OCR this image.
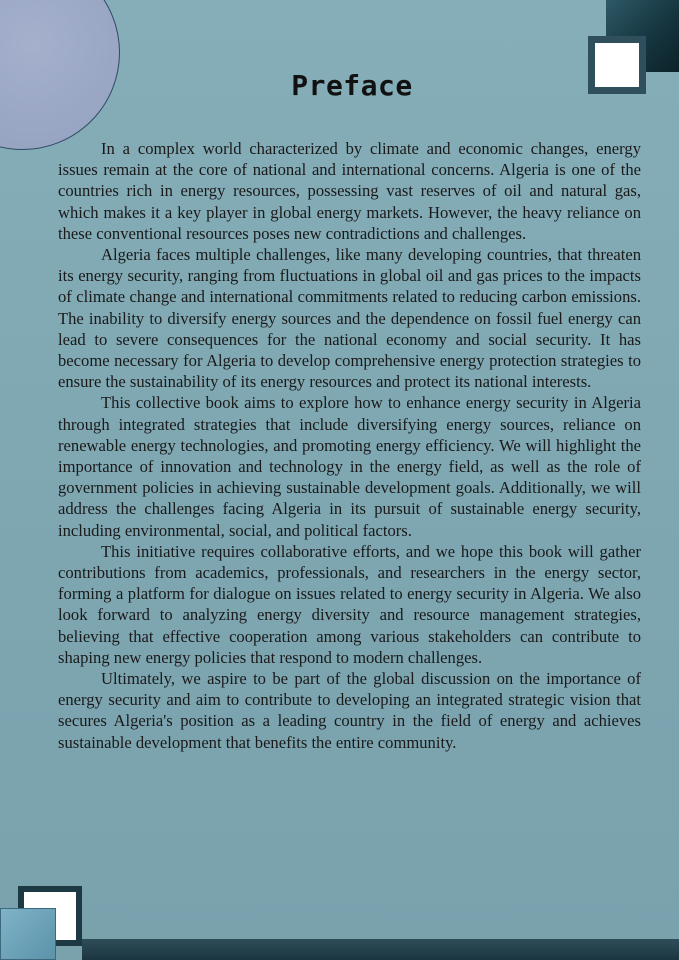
Preface

In a complex world characterized by climate and economic changes, energy issues remain at the core of national and international concerns. Algeria is one of the countries rich in energy resources, possessing vast reserves of oil and natural gas, which makes it a key player in global energy markets. However, the heavy reliance on these conventional resources poses new contradictions and challenges.

Algeria faces multiple challenges, like many developing countries, that threaten its energy security, ranging from fluctuations in global oil and gas prices to the impacts of climate change and international commitments related to reducing carbon emissions. The inability to diversify energy sources and the dependence on fossil fuel energy can lead to severe consequences for the national economy and social security. It has become necessary for Algeria to develop comprehensive energy protection strategies to ensure the sustainability of its energy resources and protect its national interests.

This collective book aims to explore how to enhance energy security in Algeria through integrated strategies that include diversifying energy sources, reliance on renewable energy technologies, and promoting energy efficiency. We will highlight the importance of innovation and technology in the energy field, as well as the role of government policies in achieving sustainable development goals. Additionally, we will address the challenges facing Algeria in its pursuit of sustainable energy security, including environmental, social, and political factors.

This initiative requires collaborative efforts, and we hope this book will gather contributions from academics, professionals, and researchers in the energy sector, forming a platform for dialogue on issues related to energy security in Algeria. We also look forward to analyzing energy diversity and resource management strategies, believing that effective cooperation among various stakeholders can contribute to shaping new energy policies that respond to modern challenges.

Ultimately, we aspire to be part of the global discussion on the importance of energy security and aim to contribute to developing an integrated strategic vision that secures Algeria's position as a leading country in the field of energy and achieves sustainable development that benefits the entire community.
